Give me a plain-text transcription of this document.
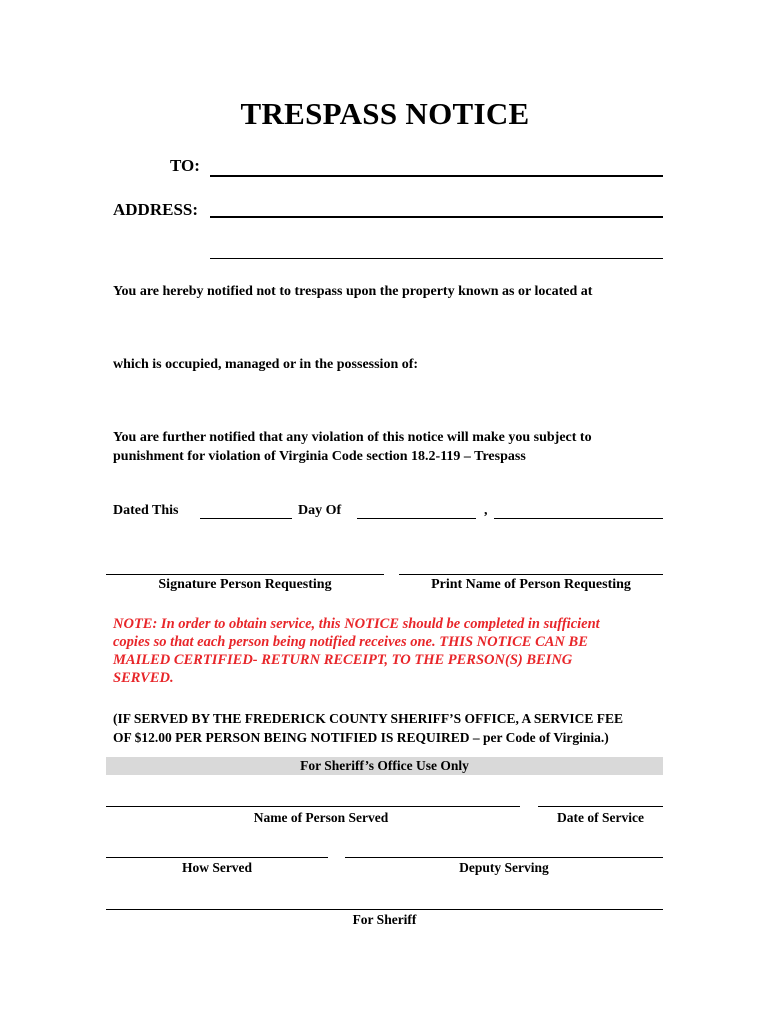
TRESPASS NOTICE
TO:
ADDRESS:
You are hereby notified not to trespass upon the property known as or located at
which is occupied, managed or in the possession of:
You are further notified that any violation of this notice will make you subject to
punishment for violation of Virginia Code section 18.2-119 – Trespass
Dated This	Day Of	,
Signature Person Requesting	Print Name of Person Requesting
NOTE: In order to obtain service, this NOTICE should be completed in sufficient
copies so that each person being notified receives one. THIS NOTICE CAN BE
MAILED CERTIFIED- RETURN RECEIPT, TO THE PERSON(S) BEING
SERVED.
(IF SERVED BY THE FREDERICK COUNTY SHERIFF’S OFFICE, A SERVICE FEE
OF $12.00 PER PERSON BEING NOTIFIED IS REQUIRED – per Code of Virginia.)
For Sheriff’s Office Use Only
Name of Person Served	Date of Service
How Served	Deputy Serving
For Sheriff
